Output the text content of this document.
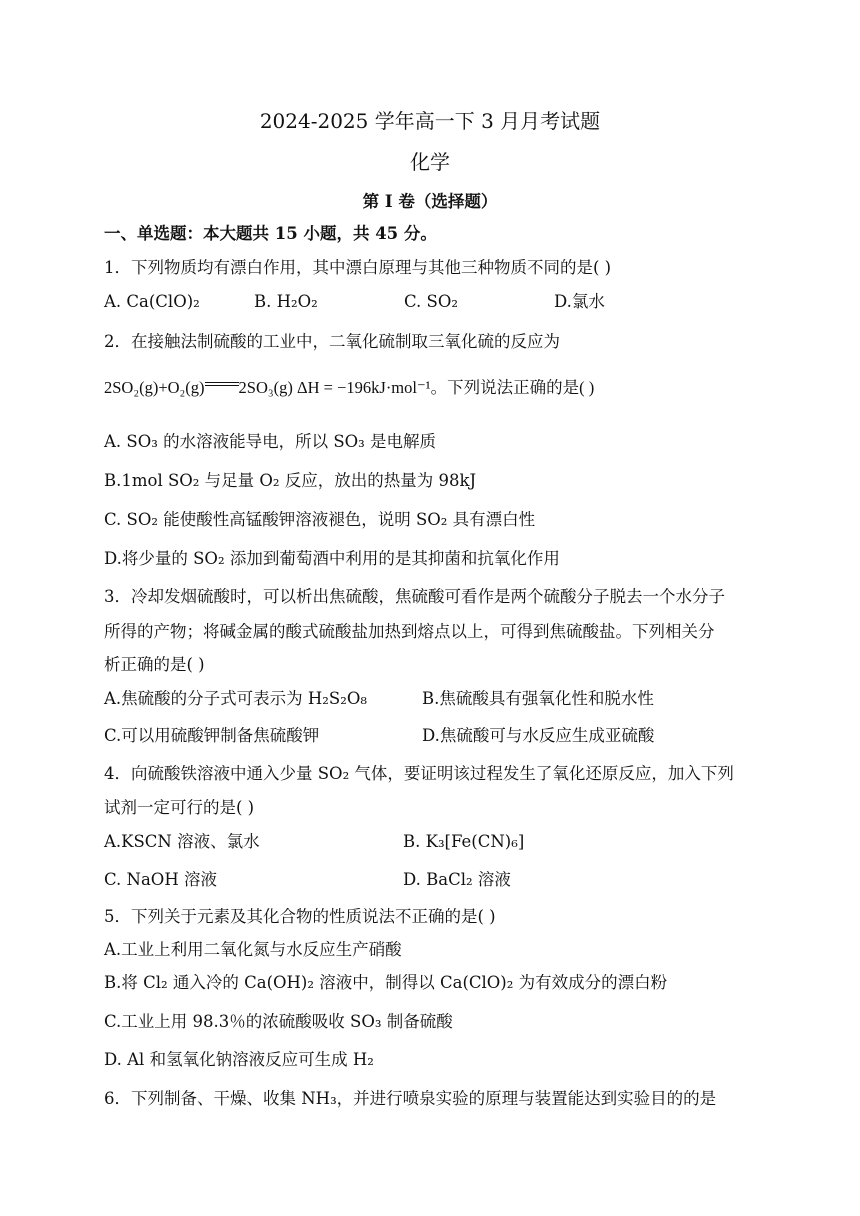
2024-2025 学年高一下 3 月月考试题
化学
第 I 卷（选择题）
一、单选题：本大题共 15 小题，共 45 分。
1．下列物质均有漂白作用，其中漂白原理与其他三种物质不同的是( )
A. Ca(ClO)₂	B. H₂O₂	C. SO₂	D.氯水
2．在接触法制硫酸的工业中，二氧化硫制取三氧化硫的反应为
2SO₂(g)+O₂(g) 2SO₃(g) ΔH = −196kJ·mol⁻¹。下列说法正确的是( )
A. SO₃ 的水溶液能导电，所以 SO₃ 是电解质
B.1mol SO₂ 与足量 O₂ 反应，放出的热量为 98kJ
C. SO₂ 能使酸性高锰酸钾溶液褪色，说明 SO₂ 具有漂白性
D.将少量的 SO₂ 添加到葡萄酒中利用的是其抑菌和抗氧化作用
3．冷却发烟硫酸时，可以析出焦硫酸，焦硫酸可看作是两个硫酸分子脱去一个水分子
所得的产物；将碱金属的酸式硫酸盐加热到熔点以上，可得到焦硫酸盐。下列相关分
析正确的是( )
A.焦硫酸的分子式可表示为 H₂S₂O₈	B.焦硫酸具有强氧化性和脱水性
C.可以用硫酸钾制备焦硫酸钾	D.焦硫酸可与水反应生成亚硫酸
4．向硫酸铁溶液中通入少量 SO₂ 气体，要证明该过程发生了氧化还原反应，加入下列
试剂一定可行的是( )
A.KSCN 溶液、氯水	B. K₃[Fe(CN)₆]
C. NaOH 溶液	D. BaCl₂ 溶液
5．下列关于元素及其化合物的性质说法不正确的是( )
A.工业上利用二氧化氮与水反应生产硝酸
B.将 Cl₂ 通入冷的 Ca(OH)₂ 溶液中，制得以 Ca(ClO)₂ 为有效成分的漂白粉
C.工业上用 98.3％的浓硫酸吸收 SO₃ 制备硫酸
D. Al 和氢氧化钠溶液反应可生成 H₂
6．下列制备、干燥、收集 NH₃，并进行喷泉实验的原理与装置能达到实验目的的是
